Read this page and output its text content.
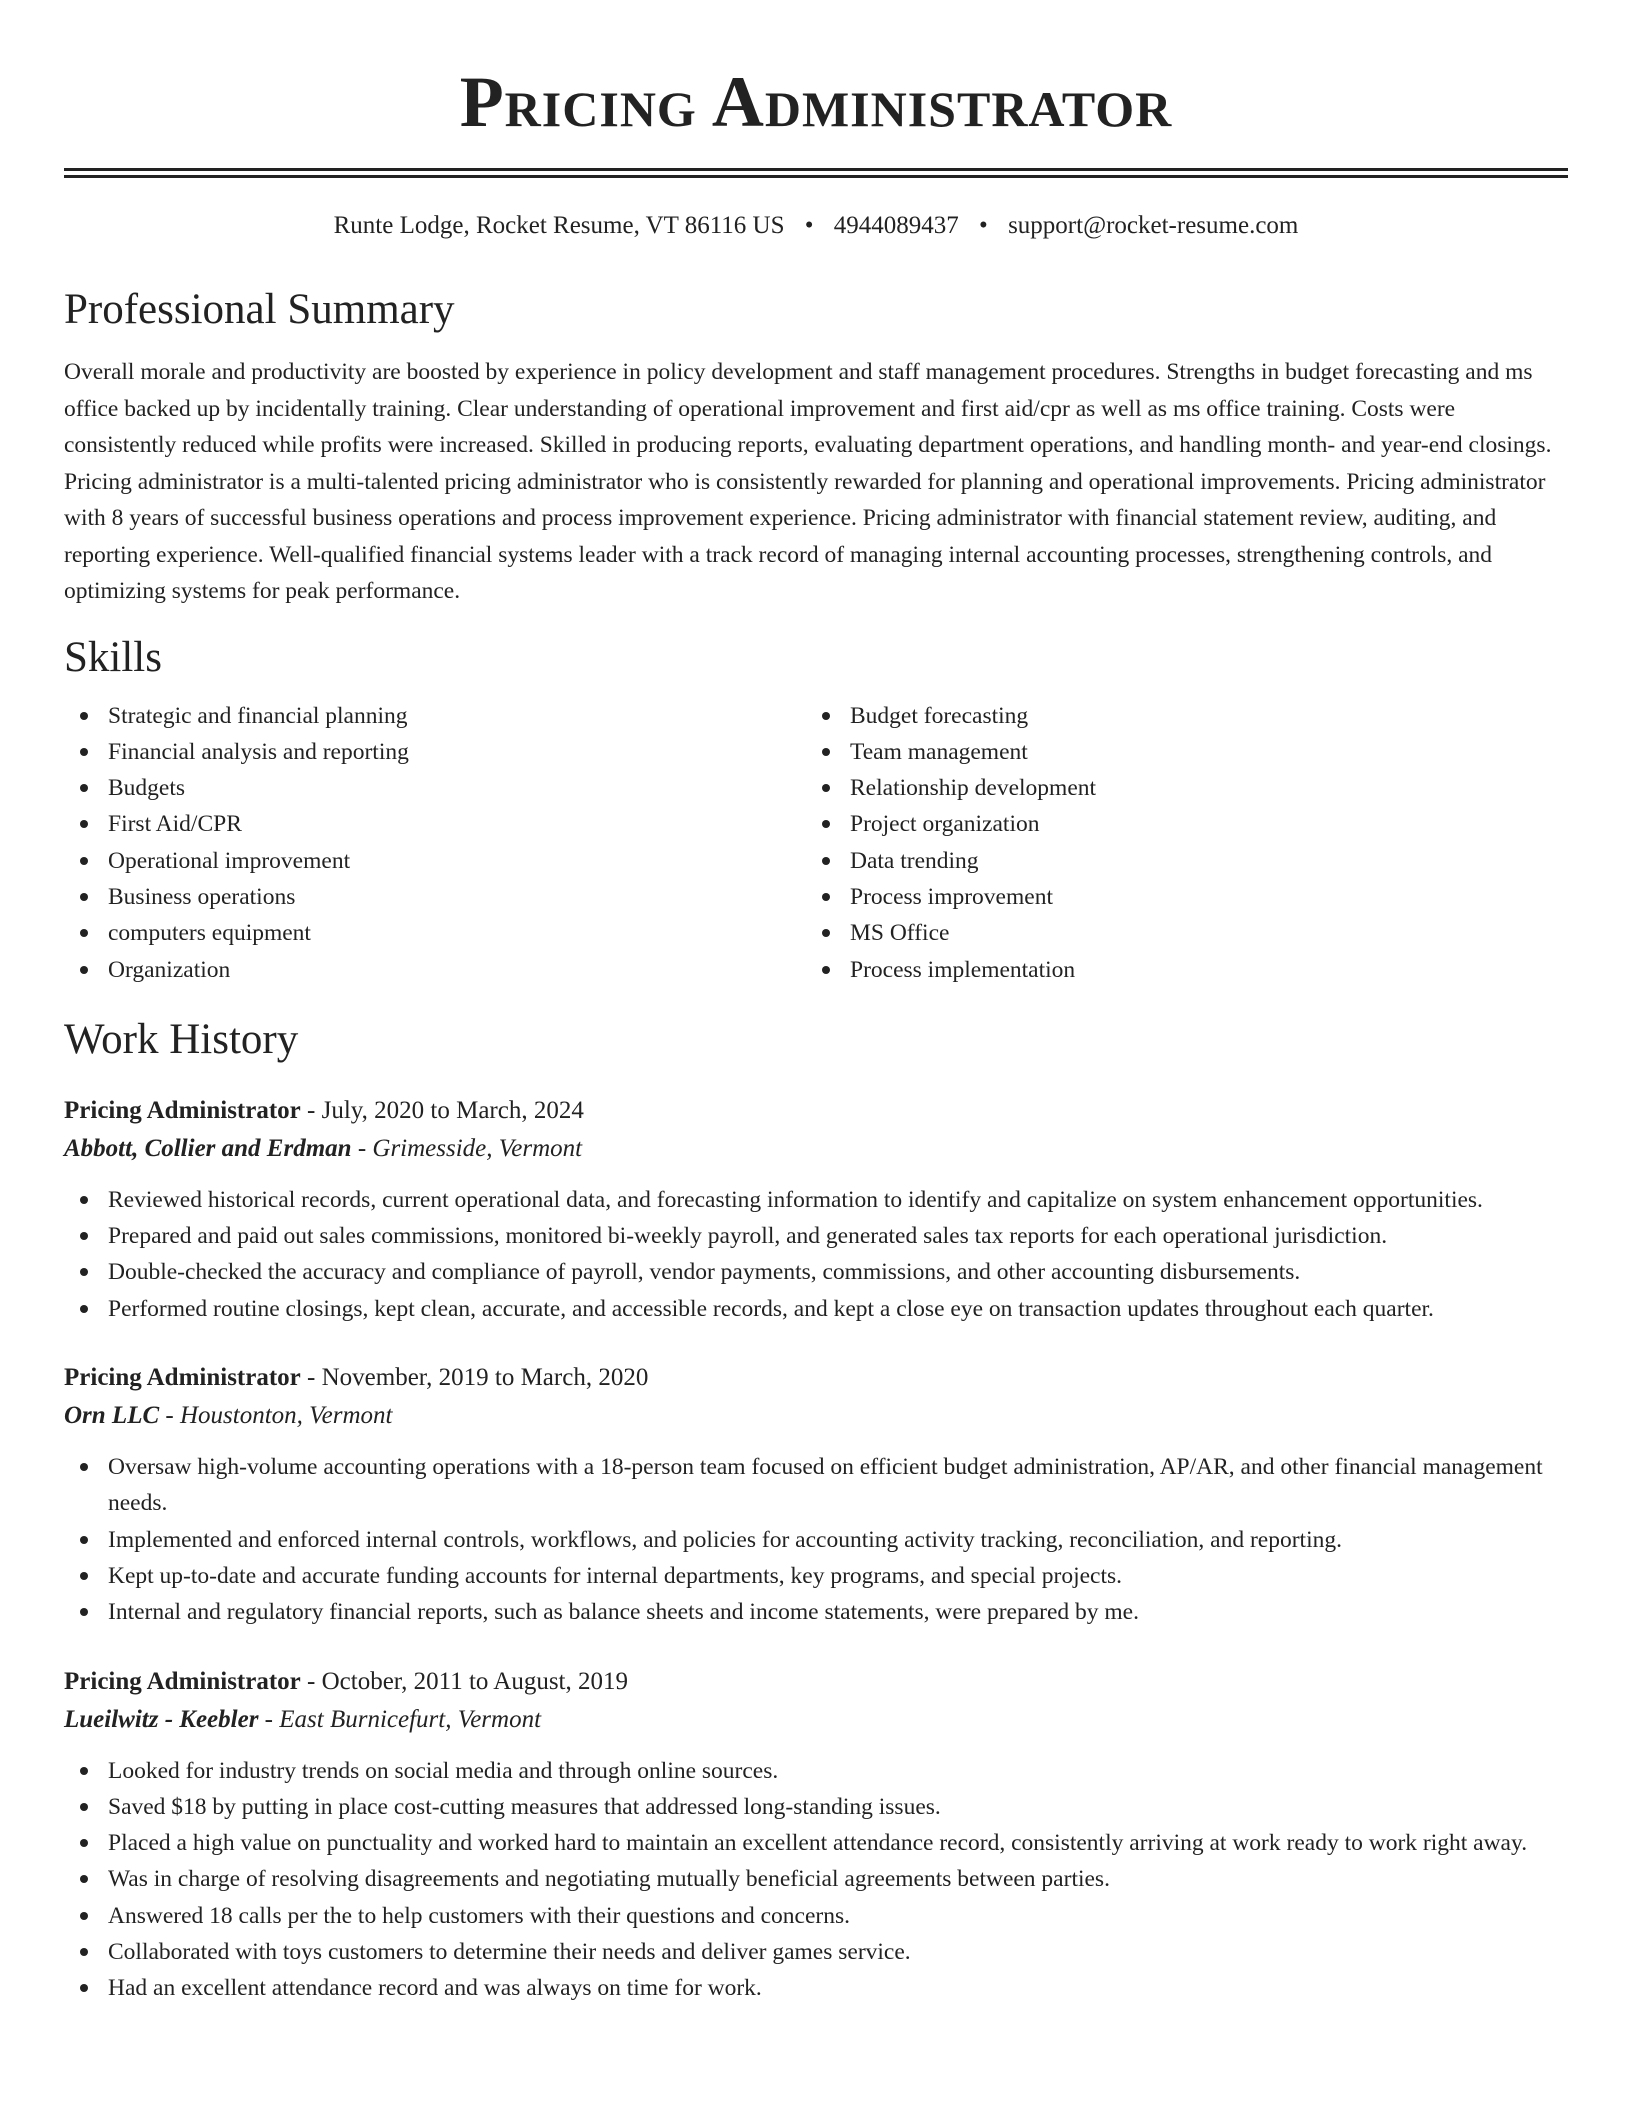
Pricing Administrator
Runte Lodge, Rocket Resume, VT 86116 US • 4944089437 • support@rocket-resume.com
Professional Summary

Overall morale and productivity are boosted by experience in policy development and staff management procedures. Strengths in budget forecasting and ms office backed up by incidentally training. Clear understanding of operational improvement and first aid/cpr as well as ms office training. Costs were consistently reduced while profits were increased. Skilled in producing reports, evaluating department operations, and handling month- and year-end closings. Pricing administrator is a multi-talented pricing administrator who is consistently rewarded for planning and operational improvements. Pricing administrator with 8 years of successful business operations and process improvement experience. Pricing administrator with financial statement review, auditing, and reporting experience. Well-qualified financial systems leader with a track record of managing internal accounting processes, strengthening controls, and optimizing systems for peak performance.

Skills
Strategic and financial planning
Financial analysis and reporting
Budgets
First Aid/CPR
Operational improvement
Business operations
computers equipment
Organization
Budget forecasting
Team management
Relationship development
Project organization
Data trending
Process improvement
MS Office
Process implementation
Work History
Pricing Administrator - July, 2020 to March, 2024
Abbott, Collier and Erdman - Grimesside, Vermont
Reviewed historical records, current operational data, and forecasting information to identify and capitalize on system enhancement opportunities.
Prepared and paid out sales commissions, monitored bi-weekly payroll, and generated sales tax reports for each operational jurisdiction.
Double-checked the accuracy and compliance of payroll, vendor payments, commissions, and other accounting disbursements.
Performed routine closings, kept clean, accurate, and accessible records, and kept a close eye on transaction updates throughout each quarter.
Pricing Administrator - November, 2019 to March, 2020
Orn LLC - Houstonton, Vermont
Oversaw high-volume accounting operations with a 18-person team focused on efficient budget administration, AP/AR, and other financial management needs.
Implemented and enforced internal controls, workflows, and policies for accounting activity tracking, reconciliation, and reporting.
Kept up-to-date and accurate funding accounts for internal departments, key programs, and special projects.
Internal and regulatory financial reports, such as balance sheets and income statements, were prepared by me.
Pricing Administrator - October, 2011 to August, 2019
Lueilwitz - Keebler - East Burnicefurt, Vermont
Looked for industry trends on social media and through online sources.
Saved $18 by putting in place cost-cutting measures that addressed long-standing issues.
Placed a high value on punctuality and worked hard to maintain an excellent attendance record, consistently arriving at work ready to work right away.
Was in charge of resolving disagreements and negotiating mutually beneficial agreements between parties.
Answered 18 calls per the to help customers with their questions and concerns.
Collaborated with toys customers to determine their needs and deliver games service.
Had an excellent attendance record and was always on time for work.
